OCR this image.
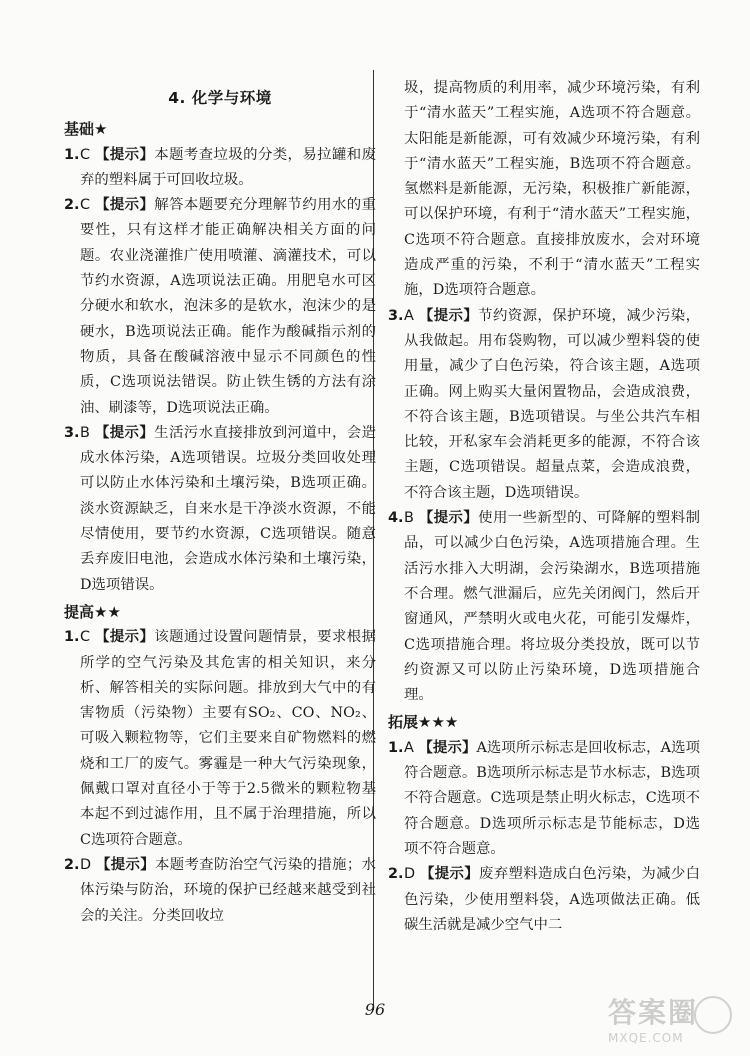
4. 化学与环境
基础★
1. C 【提示】本题考查垃圾的分类，易拉罐和废弃的塑料属于可回收垃圾。
2. C 【提示】解答本题要充分理解节约用水的重要性，只有这样才能正确解决相关方面的问题。农业浇灌推广使用喷灌、滴灌技术，可以节约水资源，A选项说法正确。用肥皂水可区分硬水和软水，泡沫多的是软水，泡沫少的是硬水，B选项说法正确。能作为酸碱指示剂的物质，具备在酸碱溶液中显示不同颜色的性质，C选项说法错误。防止铁生锈的方法有涂油、刷漆等，D选项说法正确。
3. B 【提示】生活污水直接排放到河道中，会造成水体污染，A选项错误。垃圾分类回收处理可以防止水体污染和土壤污染，B选项正确。淡水资源缺乏，自来水是干净淡水资源，不能尽情使用，要节约水资源，C选项错误。随意丢弃废旧电池，会造成水体污染和土壤污染，D选项错误。
提高★★
1. C 【提示】该题通过设置问题情景，要求根据所学的空气污染及其危害的相关知识，来分析、解答相关的实际问题。排放到大气中的有害物质（污染物）主要有SO₂、CO、NO₂、可吸入颗粒物等，它们主要来自矿物燃料的燃烧和工厂的废气。雾霾是一种大气污染现象，佩戴口罩对直径小于等于2.5微米的颗粒物基本起不到过滤作用，且不属于治理措施，所以C选项符合题意。
2. D 【提示】本题考查防治空气污染的措施；水体污染与防治，环境的保护已经越来越受到社会的关注。分类回收垃
圾，提高物质的利用率，减少环境污染，有利于“清水蓝天”工程实施，A选项不符合题意。太阳能是新能源，可有效减少环境污染，有利于“清水蓝天”工程实施，B选项不符合题意。氢燃料是新能源，无污染，积极推广新能源，可以保护环境，有利于“清水蓝天”工程实施，C选项不符合题意。直接排放废水，会对环境造成严重的污染，不利于“清水蓝天”工程实施，D选项符合题意。
3. A 【提示】节约资源，保护环境，减少污染，从我做起。用布袋购物，可以减少塑料袋的使用量，减少了白色污染，符合该主题，A选项正确。网上购买大量闲置物品，会造成浪费，不符合该主题，B选项错误。与坐公共汽车相比较，开私家车会消耗更多的能源，不符合该主题，C选项错误。超量点菜，会造成浪费，不符合该主题，D选项错误。
4. B 【提示】使用一些新型的、可降解的塑料制品，可以减少白色污染，A选项措施合理。生活污水排入大明湖，会污染湖水，B选项措施不合理。燃气泄漏后，应先关闭阀门，然后开窗通风，严禁明火或电火花，可能引发爆炸，C选项措施合理。将垃圾分类投放，既可以节约资源又可以防止污染环境，D选项措施合理。
拓展★★★
1. A 【提示】A选项所示标志是回收标志，A选项符合题意。B选项所示标志是节水标志，B选项不符合题意。C选项是禁止明火标志，C选项不符合题意。D选项所示标志是节能标志，D选项不符合题意。
2. D 【提示】废弃塑料造成白色污染，为减少白色污染，少使用塑料袋，A选项做法正确。低碳生活就是减少空气中二
96	答案圈
MXQE.COM
